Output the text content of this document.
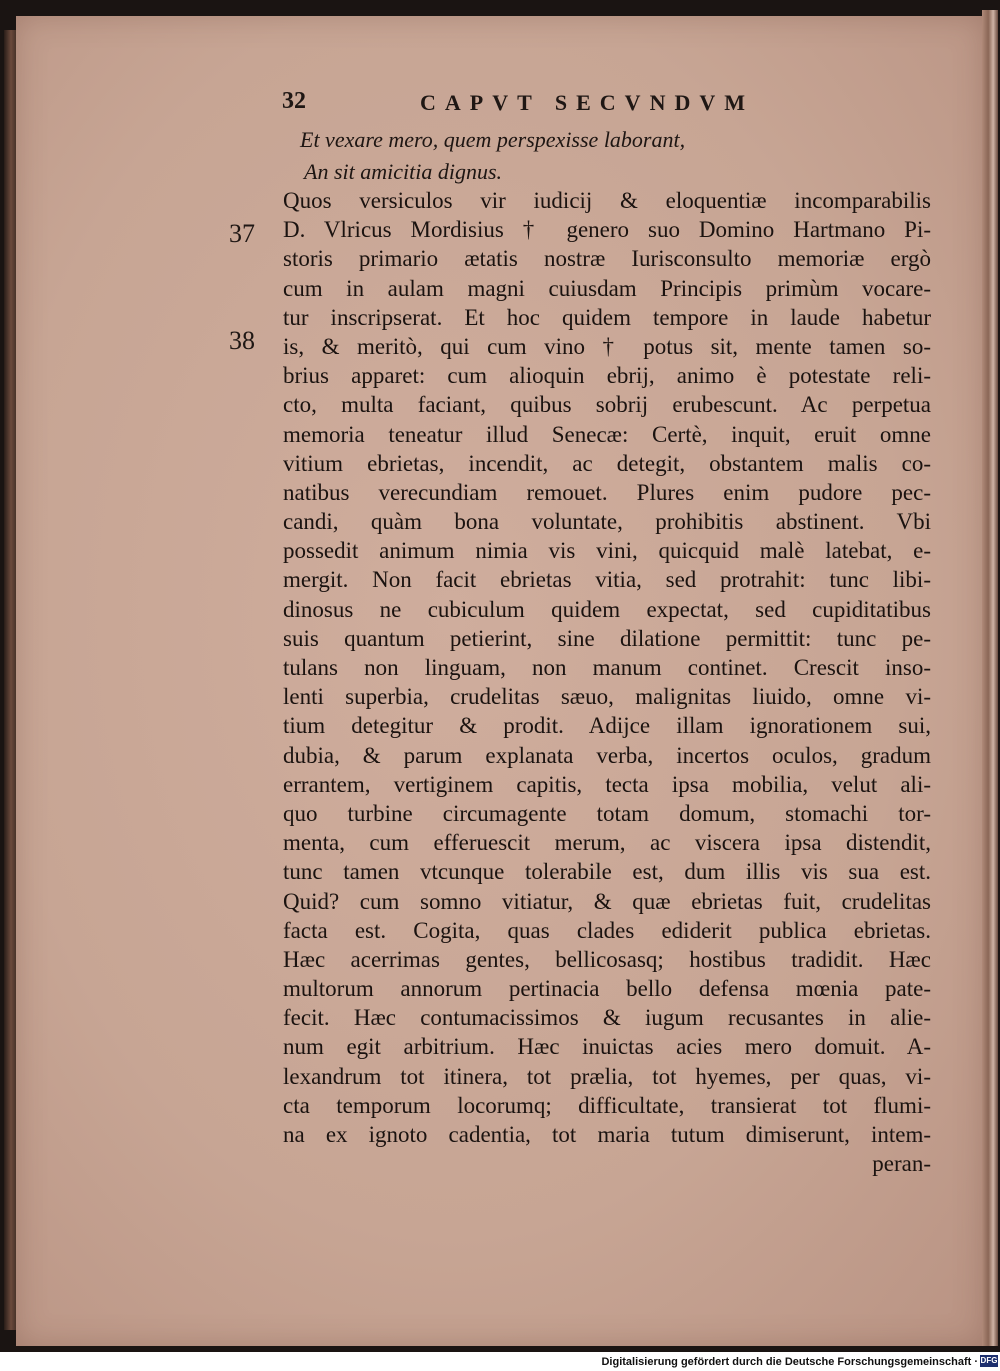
32	CAPVT SECVNDVM
Et vexare mero, quem perspexisse laborant,
An sit amicitia dignus.
37
38
Quos versiculos vir iudicij & eloquentiæ incomparabilis
D. Vlricus Mordisius † genero suo Domino Hartmano Pi-
storis primario ætatis nostræ Iurisconsulto memoriæ ergò
cum in aulam magni cuiusdam Principis primùm vocare-
tur inscripserat. Et hoc quidem tempore in laude habetur
is, & meritò, qui cum vino † potus sit, mente tamen so-
brius apparet: cum alioquin ebrij, animo è potestate reli-
cto, multa faciant, quibus sobrij erubescunt. Ac perpetua
memoria teneatur illud Senecæ: Certè, inquit, eruit omne
vitium ebrietas, incendit, ac detegit, obstantem malis co-
natibus verecundiam remouet. Plures enim pudore pec-
candi, quàm bona voluntate, prohibitis abstinent. Vbi
possedit animum nimia vis vini, quicquid malè latebat, e-
mergit. Non facit ebrietas vitia, sed protrahit: tunc libi-
dinosus ne cubiculum quidem expectat, sed cupiditatibus
suis quantum petierint, sine dilatione permittit: tunc pe-
tulans non linguam, non manum continet. Crescit inso-
lenti superbia, crudelitas sæuo, malignitas liuido, omne vi-
tium detegitur & prodit. Adijce illam ignorationem sui,
dubia, & parum explanata verba, incertos oculos, gradum
errantem, vertiginem capitis, tecta ipsa mobilia, velut ali-
quo turbine circumagente totam domum, stomachi tor-
menta, cum efferuescit merum, ac viscera ipsa distendit,
tunc tamen vtcunque tolerabile est, dum illis vis sua est.
Quid? cum somno vitiatur, & quæ ebrietas fuit, crudelitas
facta est. Cogita, quas clades ediderit publica ebrietas.
Hæc acerrimas gentes, bellicosasq; hostibus tradidit. Hæc
multorum annorum pertinacia bello defensa mœnia pate-
fecit. Hæc contumacissimos & iugum recusantes in alie-
num egit arbitrium. Hæc inuictas acies mero domuit. A-
lexandrum tot itinera, tot prælia, tot hyemes, per quas, vi-
cta temporum locorumq; difficultate, transierat tot flumi-
na ex ignoto cadentia, tot maria tutum dimiserunt, intem-
peran-
Digitalisierung gefördert durch die Deutsche Forschungsgemeinschaft · DFG
